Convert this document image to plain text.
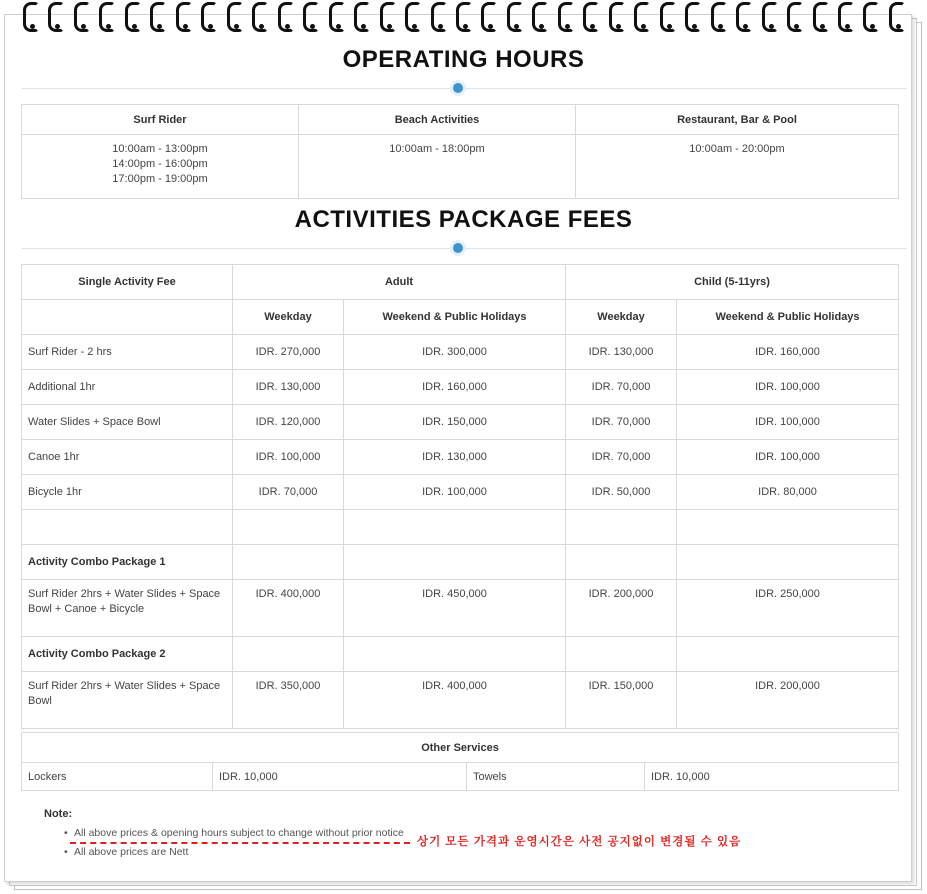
OPERATING HOURS
Surf Rider	Beach Activities	Restaurant, Bar & Pool

10:00am - 13:00pm
14:00pm - 16:00pm
17:00pm - 19:00pm	10:00am - 18:00pm	10:00am - 20:00pm
ACTIVITIES PACKAGE FEES
Single Activity Fee	Adult		Child (5-11yrs)	
	Weekday	Weekend & Public Holidays	Weekday	Weekend & Public Holidays
Surf Rider - 2 hrs	IDR. 270,000	IDR. 300,000	IDR. 130,000	IDR. 160,000
Additional 1hr	IDR. 130,000	IDR. 160,000	IDR. 70,000	IDR. 100,000
Water Slides + Space Bowl	IDR. 120,000	IDR. 150,000	IDR. 70,000	IDR. 100,000
Canoe 1hr	IDR. 100,000	IDR. 130,000	IDR. 70,000	IDR. 100,000
Bicycle 1hr	IDR. 70,000	IDR. 100,000	IDR. 50,000	IDR. 80,000

Activity Combo Package 1				
Surf Rider 2hrs + Water Slides + Space Bowl + Canoe + Bicycle	IDR. 400,000	IDR. 450,000	IDR. 200,000	IDR. 250,000
Activity Combo Package 2				
Surf Rider 2hrs + Water Slides + Space Bowl	IDR. 350,000	IDR. 400,000	IDR. 150,000	IDR. 200,000
Other Services
Lockers	IDR. 10,000	Towels	IDR. 10,000
Note:
• All above prices & opening hours subject to change without prior notice
상기 모든 가격과 운영시간은 사전 공지없이 변경될 수 있음
• All above prices are Nett
